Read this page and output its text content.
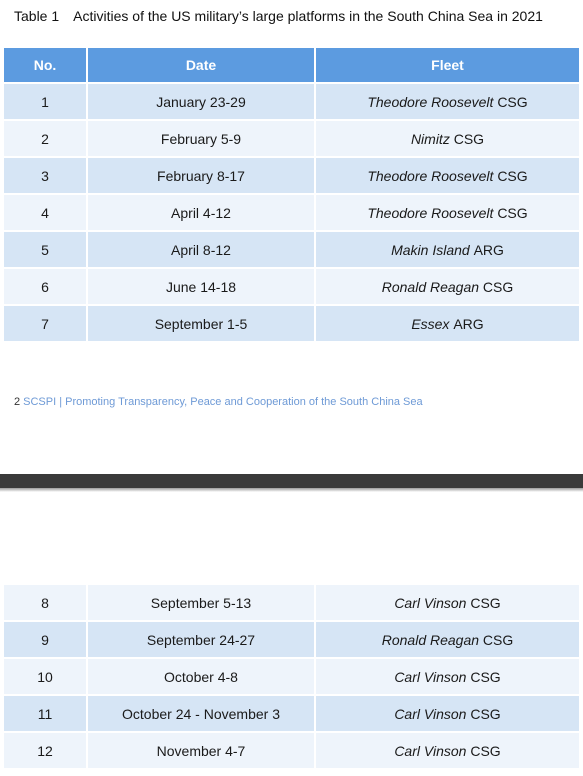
Table 1 Activities of the US military’s large platforms in the South China Sea in 2021
No.	Date	Fleet
1	January 23-29	Theodore Roosevelt CSG
2	February 5-9	Nimitz CSG
3	February 8-17	Theodore Roosevelt CSG
4	April 4-12	Theodore Roosevelt CSG
5	April 8-12	Makin Island ARG
6	June 14-18	Ronald Reagan CSG
7	September 1-5	Essex ARG
2 SCSPI | Promoting Transparency, Peace and Cooperation of the South China Sea
8	September 5-13	Carl Vinson CSG
9	September 24-27	Ronald Reagan CSG
10	October 4-8	Carl Vinson CSG
11	October 24 - November 3	Carl Vinson CSG
12	November 4-7	Carl Vinson CSG
